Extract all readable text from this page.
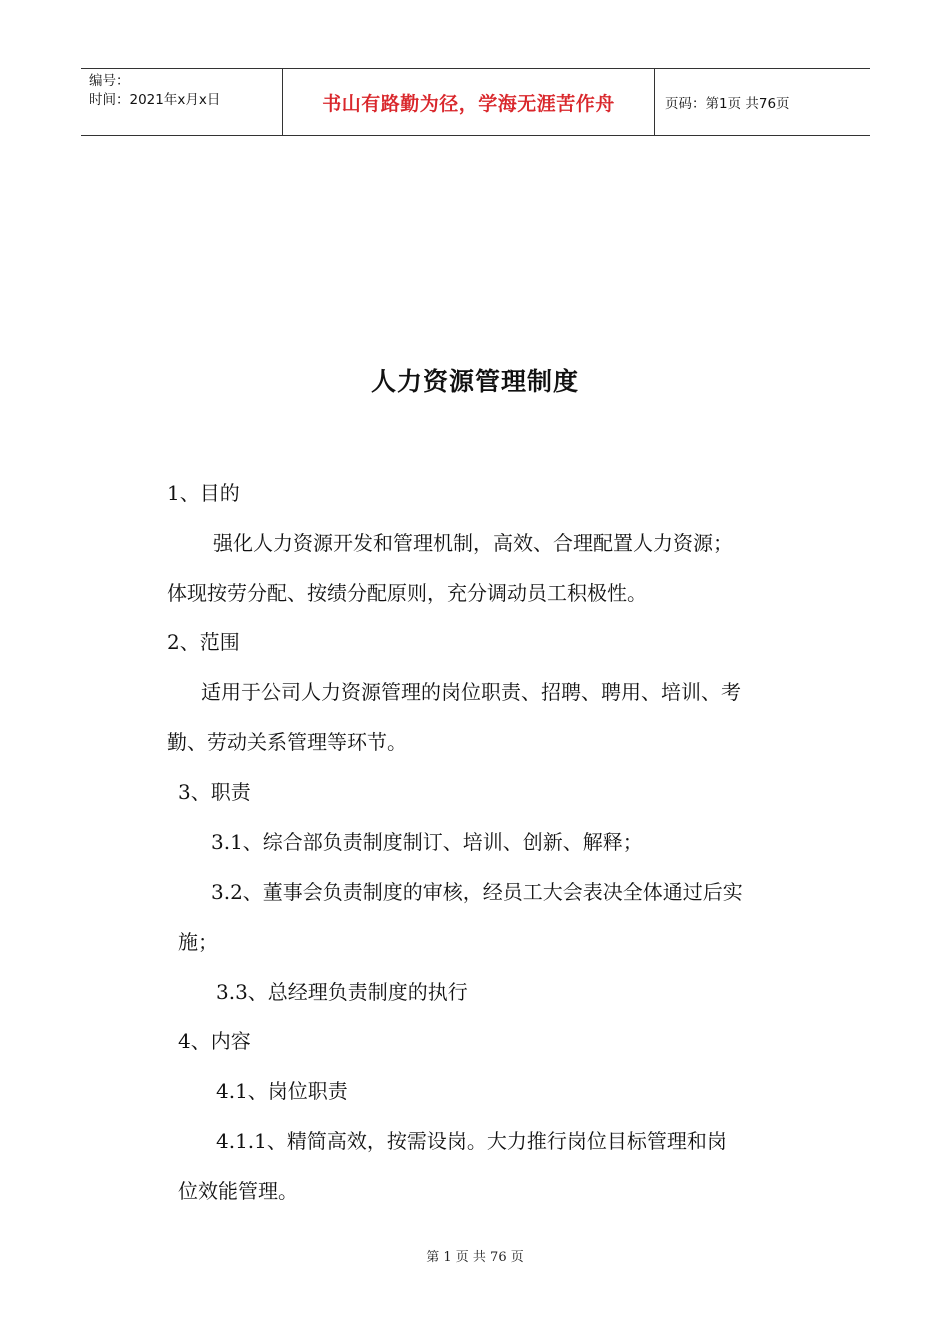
编号：
时间：2021年x月x日	书山有路勤为径，学海无涯苦作舟	页码：第1页 共76页
人力资源管理制度
1、目的
强化人力资源开发和管理机制，高效、合理配置人力资源；
体现按劳分配、按绩分配原则，充分调动员工积极性。
2、范围
适用于公司人力资源管理的岗位职责、招聘、聘用、培训、考
勤、劳动关系管理等环节。
3、职责
3.1、综合部负责制度制订、培训、创新、解释；
3.2、董事会负责制度的审核，经员工大会表决全体通过后实
施；
3.3、总经理负责制度的执行
4、内容
4.1、岗位职责
4.1.1、精简高效，按需设岗。大力推行岗位目标管理和岗
位效能管理。
第 1 页 共 76 页
